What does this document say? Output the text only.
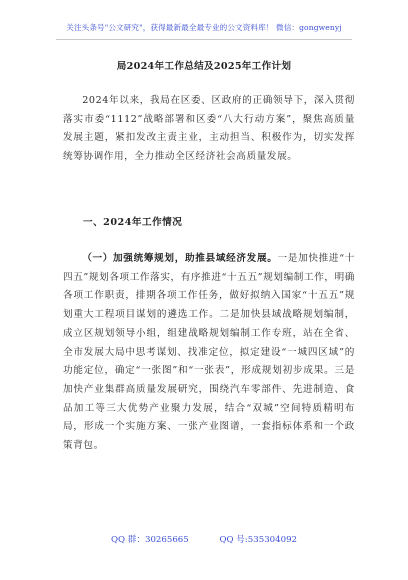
关注头条号"公文研究"，获得最新最全最专业的公文资料库！ 微信：gongwenyj
局2024年工作总结及2025年工作计划

2024年以来，我局在区委、区政府的正确领导下，深入贯彻落实市委“1112”战略部署和区委“八大行动方案”，聚焦高质量发展主题，紧扣发改主责主业，主动担当、积极作为，切实发挥统筹协调作用，全力推动全区经济社会高质量发展。

一、2024年工作情况

（一）加强统筹规划，助推县域经济发展。一是加快推进“十四五”规划各项工作落实，有序推进“十五五”规划编制工作，明确各项工作职责，排期各项工作任务，做好拟纳入国家“十五五”规划重大工程项目谋划的遴选工作。二是加快县域战略规划编制，成立区规划领导小组，组建战略规划编制工作专班，站在全省、全市发展大局中思考谋划、找准定位，拟定建设“一城四区域”的功能定位，确定“一张图”和“一张表”，形成规划初步成果。三是加快产业集群高质量发展研究，围绕汽车零部件、先进制造、食品加工等三大优势产业聚力发展，结合“双城”空间特质精明布局，形成一个实施方案、一张产业图谱，一套指标体系和一个政策背包。

QQ 群：30265665	QQ 号:535304092
